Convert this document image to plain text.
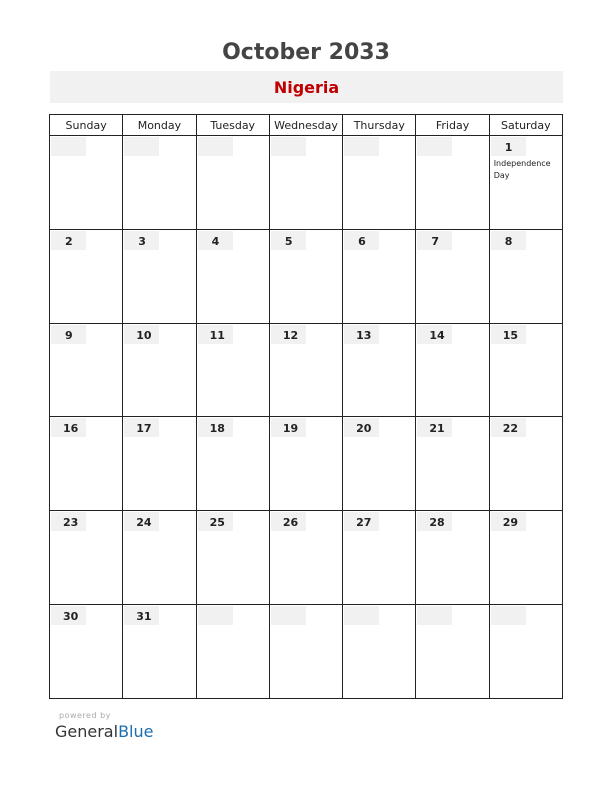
October 2033
Nigeria
Sunday	Monday	Tuesday	Wednesday	Thursday	Friday	Saturday

						1
Independence Day

2	3	4	5	6	7	8

9	10	11	12	13	14	15

16	17	18	19	20	21	22

23	24	25	26	27	28	29

30	31					

powered by
GeneralBlue
